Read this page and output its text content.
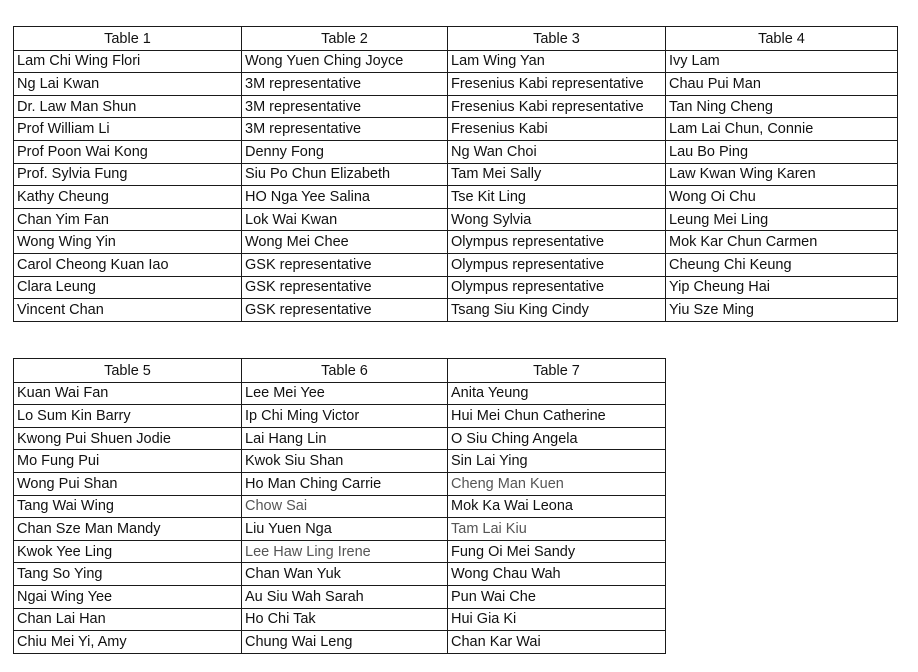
Table 1	Table 2	Table 3	Table 4
Lam Chi Wing Flori	Wong Yuen Ching Joyce	Lam Wing Yan	Ivy Lam
Ng Lai Kwan	3M representative	Fresenius Kabi representative	Chau Pui Man
Dr. Law Man Shun	3M representative	Fresenius Kabi representative	Tan Ning Cheng
Prof William Li	3M representative	Fresenius Kabi	Lam Lai Chun, Connie
Prof Poon Wai Kong	Denny Fong	Ng Wan Choi	Lau Bo Ping
Prof. Sylvia Fung	Siu Po Chun Elizabeth	Tam Mei Sally	Law Kwan Wing Karen
Kathy Cheung	HO Nga Yee Salina	Tse Kit Ling	Wong Oi Chu
Chan Yim Fan	Lok Wai Kwan	Wong Sylvia	Leung Mei Ling
Wong Wing Yin	Wong Mei Chee	Olympus representative	Mok Kar Chun Carmen
Carol Cheong Kuan Iao	GSK representative	Olympus representative	Cheung Chi Keung
Clara Leung	GSK representative	Olympus representative	Yip Cheung Hai
Vincent Chan	GSK representative	Tsang Siu King Cindy	Yiu Sze Ming
Table 5	Table 6	Table 7
Kuan Wai Fan	Lee Mei Yee	Anita Yeung
Lo Sum Kin Barry	Ip Chi Ming Victor	Hui Mei Chun Catherine
Kwong Pui Shuen Jodie	Lai Hang Lin	O Siu Ching Angela
Mo Fung Pui	Kwok Siu Shan	Sin Lai Ying
Wong Pui Shan	Ho Man Ching Carrie	Cheng Man Kuen
Tang Wai Wing	Chow Sai	Mok Ka Wai Leona
Chan Sze Man Mandy	Liu Yuen Nga	Tam Lai Kiu
Kwok Yee Ling	Lee Haw Ling Irene	Fung Oi Mei Sandy
Tang So Ying	Chan Wan Yuk	Wong Chau Wah
Ngai Wing Yee	Au Siu Wah Sarah	Pun Wai Che
Chan Lai Han	Ho Chi Tak	Hui Gia Ki
Chiu Mei Yi, Amy	Chung Wai Leng	Chan Kar Wai
